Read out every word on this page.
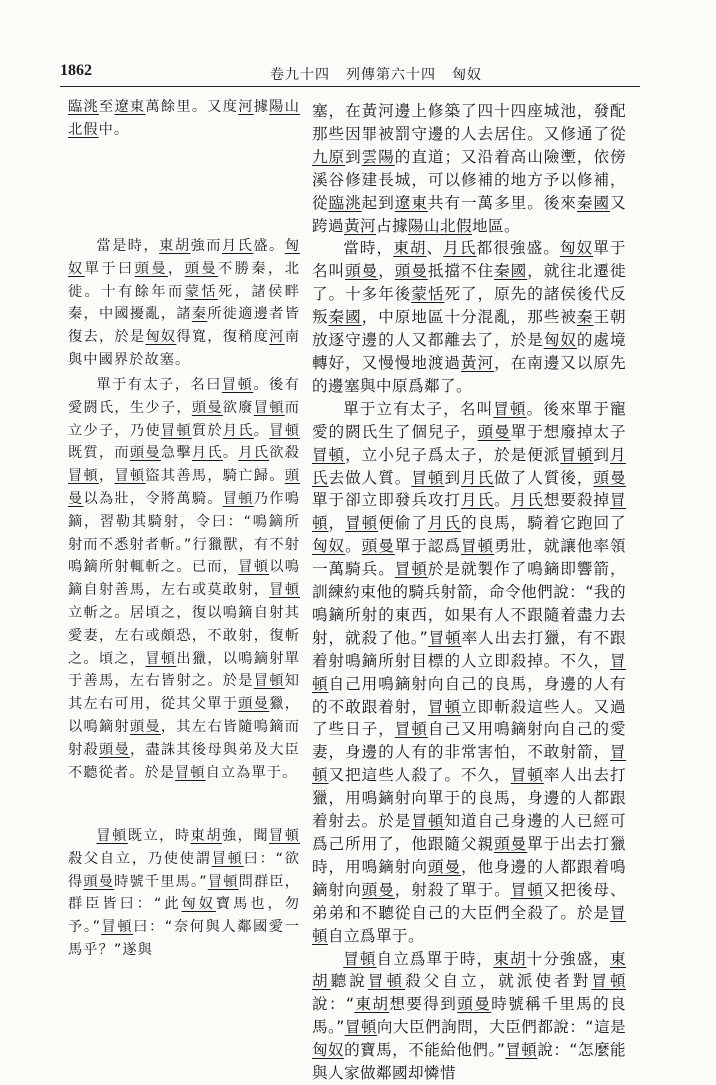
1862	卷九十四 列傳第六十四 匈奴

臨洮至遼東萬餘里。又度河據陽山北假中。

當是時，東胡強而月氏盛。匈奴單于曰頭曼，頭曼不勝秦，北徙。十有餘年而蒙恬死，諸侯畔秦，中國擾亂，諸秦所徙適邊者皆復去，於是匈奴得寬，復稍度河南與中國界於故塞。

單于有太子，名曰冒頓。後有愛閼氏，生少子，頭曼欲廢冒頓而立少子，乃使冒頓質於月氏。冒頓既質，而頭曼急擊月氏。月氏欲殺冒頓，冒頓盜其善馬，騎亡歸。頭曼以為壯，令將萬騎。冒頓乃作鳴鏑，習勒其騎射，令曰：“鳴鏑所射而不悉射者斬。”行獵獸，有不射鳴鏑所射輒斬之。已而，冒頓以鳴鏑自射善馬，左右或莫敢射，冒頓立斬之。居頃之，復以鳴鏑自射其愛妻，左右或頗恐，不敢射，復斬之。頃之，冒頓出獵，以鳴鏑射單于善馬，左右皆射之。於是冒頓知其左右可用，從其父單于頭曼獵，以鳴鏑射頭曼，其左右皆隨鳴鏑而射殺頭曼，盡誅其後母與弟及大臣不聽從者。於是冒頓自立為單于。

冒頓既立，時東胡強，聞冒頓殺父自立，乃使使謂冒頓曰：“欲得頭曼時號千里馬。”冒頓問群臣，群臣皆曰：“此匈奴寶馬也，勿予。”冒頓曰：“奈何與人鄰國愛一馬乎？”遂與

塞，在黃河邊上修築了四十四座城池，發配那些因罪被罰守邊的人去居住。又修通了從九原到雲陽的直道；又沿着高山險壍，依傍溪谷修建長城，可以修補的地方予以修補，從臨洮起到遼東共有一萬多里。後來秦國又跨過黃河占據陽山北假地區。

當時，東胡、月氏都很強盛。匈奴單于名叫頭曼，頭曼抵擋不住秦國，就往北遷徙了。十多年後蒙恬死了，原先的諸侯後代反叛秦國，中原地區十分混亂，那些被秦王朝放逐守邊的人又都離去了，於是匈奴的處境轉好，又慢慢地渡過黃河，在南邊又以原先的邊塞與中原爲鄰了。

單于立有太子，名叫冒頓。後來單于寵愛的閼氏生了個兒子，頭曼單于想廢掉太子冒頓，立小兒子爲太子，於是便派冒頓到月氏去做人質。冒頓到月氏做了人質後，頭曼單于卻立即發兵攻打月氏。月氏想要殺掉冒頓，冒頓便偷了月氏的良馬，騎着它跑回了匈奴。頭曼單于認爲冒頓勇壯，就讓他率領一萬騎兵。冒頓於是就製作了鳴鏑即響箭，訓練約束他的騎兵射箭，命令他們說：“我的鳴鏑所射的東西，如果有人不跟隨着盡力去射，就殺了他。”冒頓率人出去打獵，有不跟着射鳴鏑所射目標的人立即殺掉。不久，冒頓自己用鳴鏑射向自己的良馬，身邊的人有的不敢跟着射，冒頓立即斬殺這些人。又過了些日子，冒頓自己又用鳴鏑射向自己的愛妻，身邊的人有的非常害怕，不敢射箭，冒頓又把這些人殺了。不久，冒頓率人出去打獵，用鳴鏑射向單于的良馬，身邊的人都跟着射去。於是冒頓知道自己身邊的人已經可爲己所用了，他跟隨父親頭曼單于出去打獵時，用鳴鏑射向頭曼，他身邊的人都跟着鳴鏑射向頭曼，射殺了單于。冒頓又把後母、弟弟和不聽從自己的大臣們全殺了。於是冒頓自立爲單于。

冒頓自立爲單于時，東胡十分強盛，東胡聽說冒頓殺父自立，就派使者對冒頓說：“東胡想要得到頭曼時號稱千里馬的良馬。”冒頓向大臣們詢問，大臣們都說：“這是匈奴的寶馬，不能給他們。”冒頓說：“怎麼能與人家做鄰國却憐惜
